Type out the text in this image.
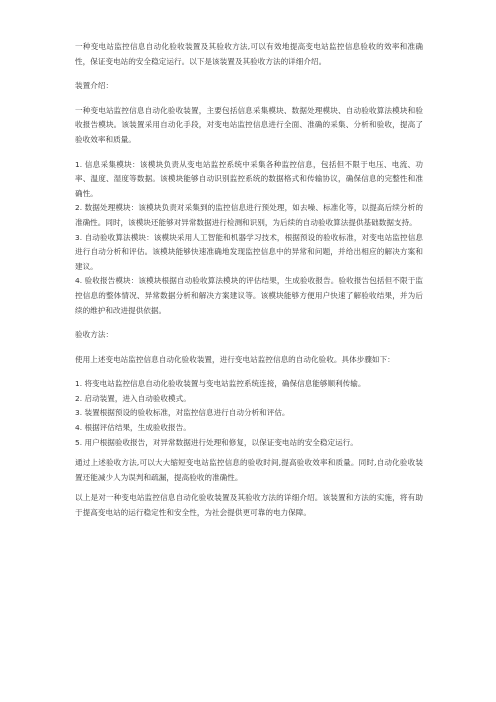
一种变电站监控信息自动化验收装置及其验收方法,可以有效地提高变电站监控信息验收的效率和准确性，保证变电站的安全稳定运行。以下是该装置及其验收方法的详细介绍。

装置介绍：

一种变电站监控信息自动化验收装置，主要包括信息采集模块、数据处理模块、自动验收算法模块和验收报告模块。该装置采用自动化手段，对变电站监控信息进行全面、准确的采集、分析和验收，提高了验收效率和质量。

1. 信息采集模块：该模块负责从变电站监控系统中采集各种监控信息，包括但不限于电压、电流、功率、温度、湿度等数据。该模块能够自动识别监控系统的数据格式和传输协议，确保信息的完整性和准确性。

2. 数据处理模块：该模块负责对采集到的监控信息进行预处理，如去噪、标准化等，以提高后续分析的准确性。同时，该模块还能够对异常数据进行检测和识别，为后续的自动验收算法提供基础数据支持。

3. 自动验收算法模块：该模块采用人工智能和机器学习技术，根据预设的验收标准，对变电站监控信息进行自动分析和评估。该模块能够快速准确地发现监控信息中的异常和问题，并给出相应的解决方案和建议。

4. 验收报告模块：该模块根据自动验收算法模块的评估结果，生成验收报告。验收报告包括但不限于监控信息的整体情况、异常数据分析和解决方案建议等。该模块能够方便用户快速了解验收结果，并为后续的维护和改进提供依据。

验收方法：

使用上述变电站监控信息自动化验收装置，进行变电站监控信息的自动化验收。具体步骤如下：

1. 将变电站监控信息自动化验收装置与变电站监控系统连接，确保信息能够顺利传输。

2. 启动装置，进入自动验收模式。

3. 装置根据预设的验收标准，对监控信息进行自动分析和评估。

4. 根据评估结果，生成验收报告。

5. 用户根据验收报告，对异常数据进行处理和修复，以保证变电站的安全稳定运行。

通过上述验收方法,可以大大缩短变电站监控信息的验收时间,提高验收效率和质量。同时,自动化验收装置还能减少人为误判和疏漏，提高验收的准确性。

以上是对一种变电站监控信息自动化验收装置及其验收方法的详细介绍。该装置和方法的实施，将有助于提高变电站的运行稳定性和安全性，为社会提供更可靠的电力保障。
